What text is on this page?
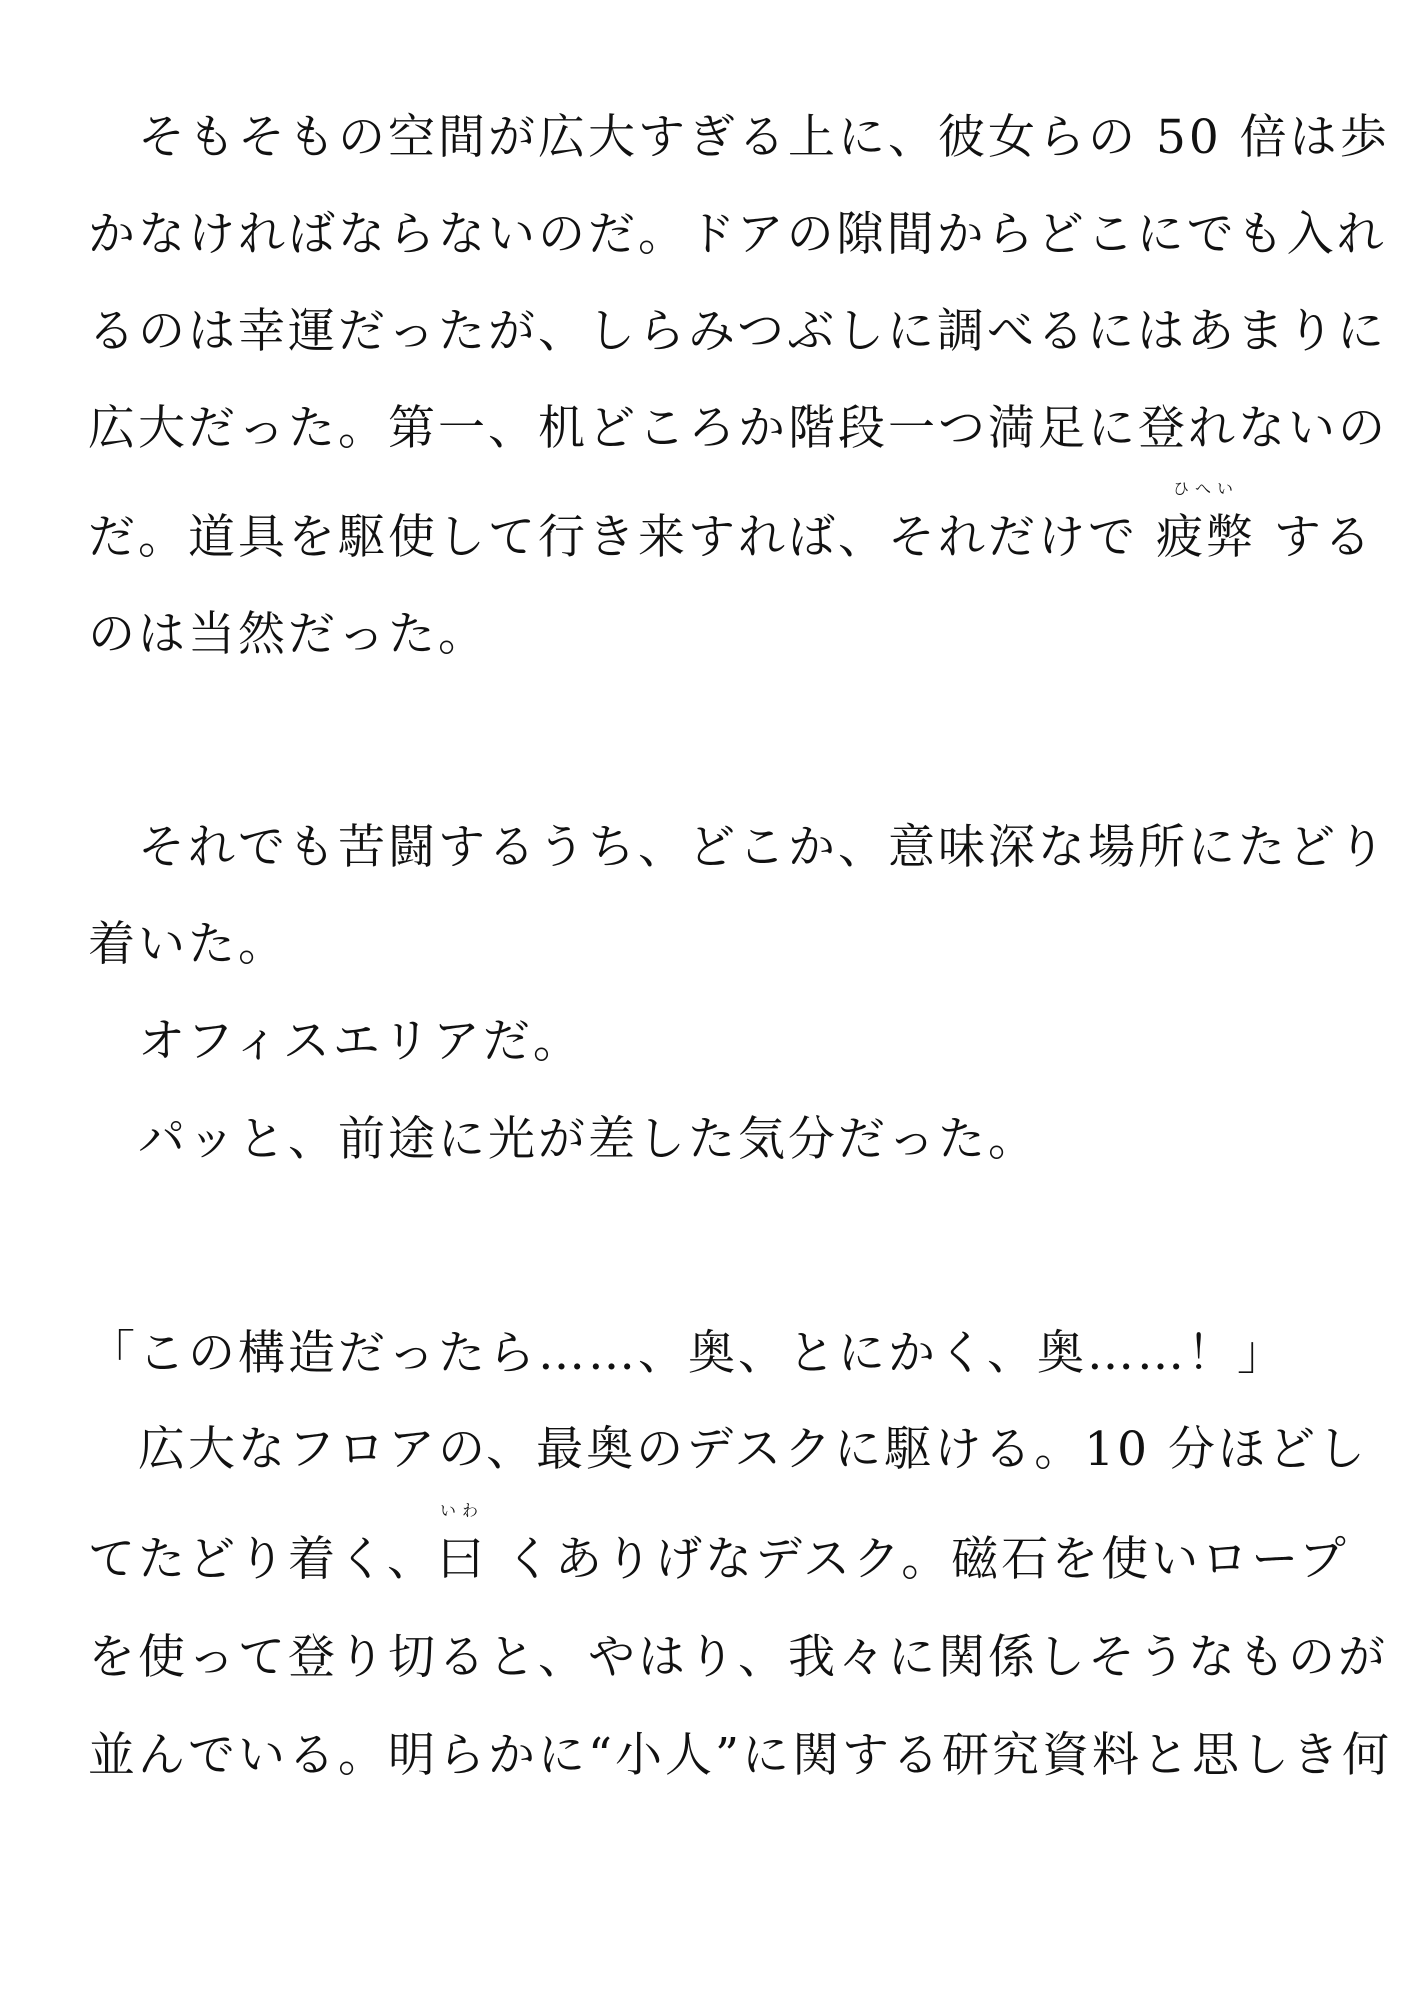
　そもそもの空間が広大すぎる上に、彼女らの 50 倍は歩
かなければならないのだ。ドアの隙間からどこにでも入れ
るのは幸運だったが、しらみつぶしに調べるにはあまりに
広大だった。第一、机どころか階段一つ満足に登れないの
だ。道具を駆使して行き来すれば、それだけで
ひへい
疲弊 する
のは当然だった。
　それでも苦闘するうち、どこか、意味深な場所にたどり
着いた。
　オフィスエリアだ。
　パッと、前途に光が差した気分だった。
「この構造だったら……、奥、とにかく、奥……！」
　広大なフロアの、最奥のデスクに駆ける。10 分ほどし
てたどり着く、
いわ
曰 くありげなデスク。磁石を使いロープ
を使って登り切ると、やはり、我々に関係しそうなものが
並んでいる。明らかに“小人”に関する研究資料と思しき何
